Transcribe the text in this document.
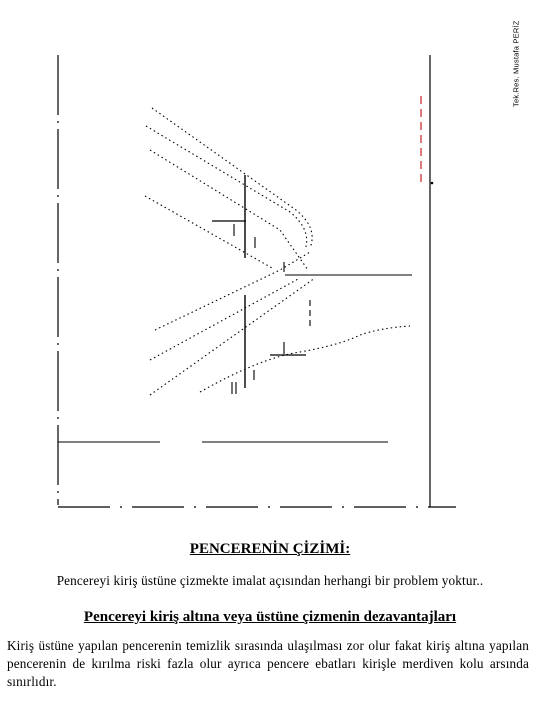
Tek.Res. Mustafa PERİZ
PENCERENİN ÇİZİMİ:

Pencereyi kiriş üstüne çizmekte imalat açısından herhangi bir problem yoktur..

Pencereyi kiriş altına veya üstüne çizmenin dezavantajları

Kiriş üstüne yapılan pencerenin temizlik sırasında ulaşılması zor olur fakat kiriş altına yapılan pencerenin de kırılma riski fazla olur ayrıca pencere ebatları kirişle merdiven kolu arsında sınırlıdır.
